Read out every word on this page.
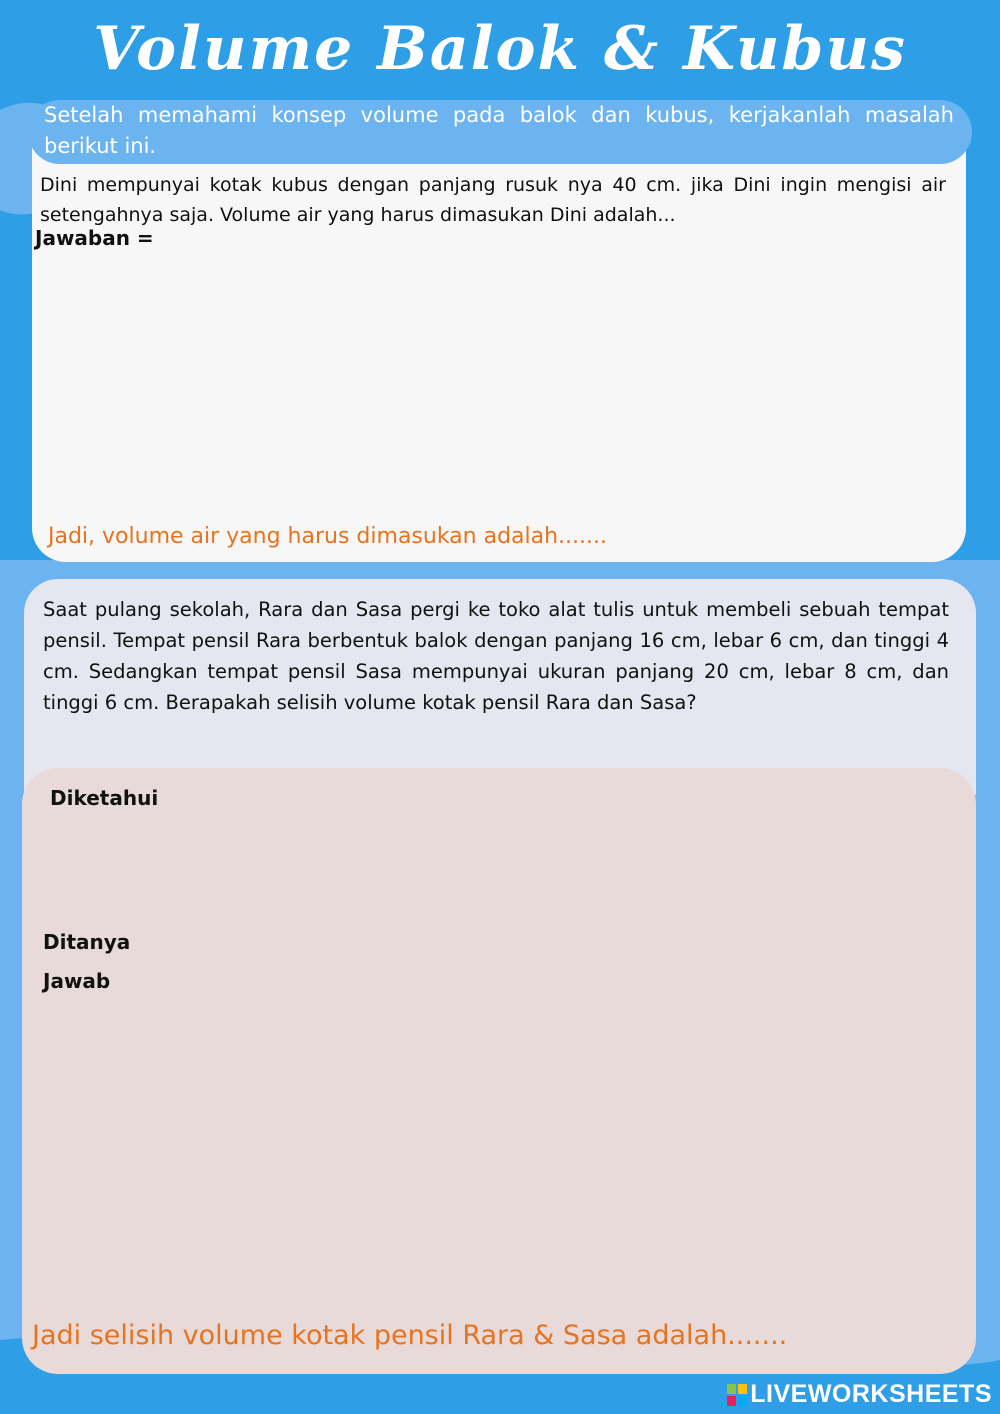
Volume Balok & Kubus

Setelah memahami konsep volume pada balok dan kubus, kerjakanlah masalah berikut ini.

Dini mempunyai kotak kubus dengan panjang rusuk nya 40 cm. jika Dini ingin mengisi air setengahnya saja. Volume air yang harus dimasukan Dini adalah...

Jawaban =

Jadi, volume air yang harus dimasukan adalah.......

Saat pulang sekolah, Rara dan Sasa pergi ke toko alat tulis untuk membeli sebuah tempat pensil. Tempat pensil Rara berbentuk balok dengan panjang 16 cm, lebar 6 cm, dan tinggi 4 cm. Sedangkan tempat pensil Sasa mempunyai ukuran panjang 20 cm, lebar 8 cm, dan tinggi 6 cm. Berapakah selisih volume kotak pensil Rara dan Sasa?

Diketahui

Ditanya

Jawab

Jadi selisih volume kotak pensil Rara & Sasa adalah.......

LIVEWORKSHEETS
